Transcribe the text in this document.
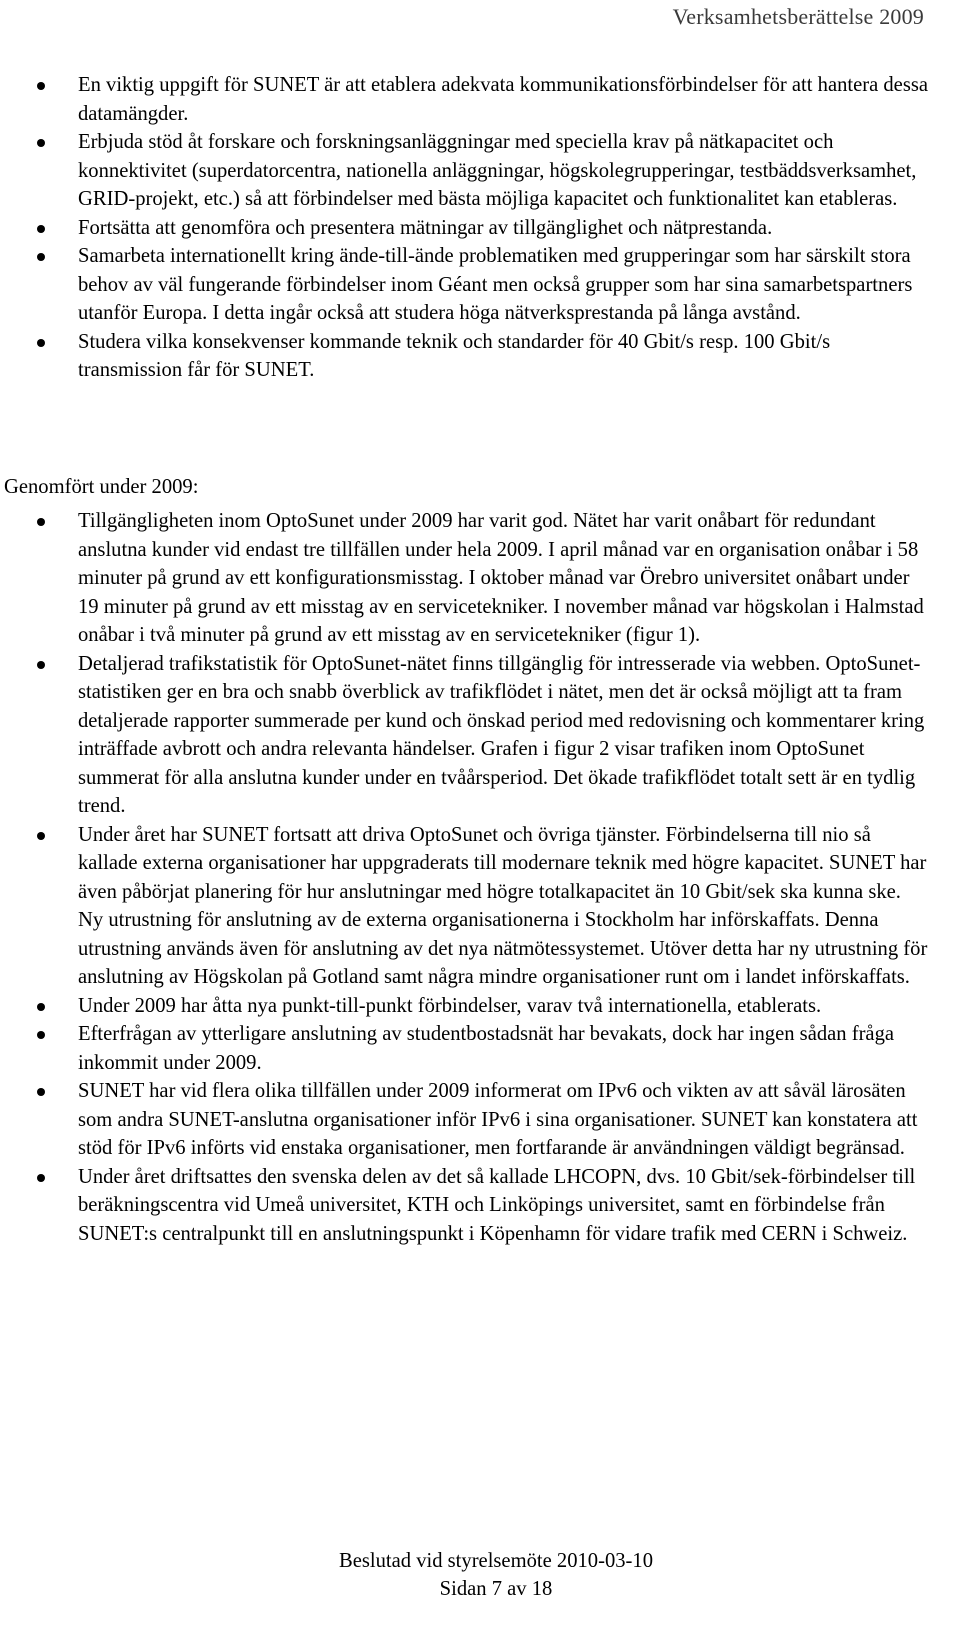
Verksamhetsberättelse 2009
En viktig uppgift för SUNET är att etablera adekvata kommunikationsförbindelser för att hantera dessa datamängder.
Erbjuda stöd åt forskare och forskningsanläggningar med speciella krav på nätkapacitet och konnektivitet (superdatorcentra, nationella anläggningar, högskolegrupperingar, testbäddsverksamhet, GRID-projekt, etc.) så att förbindelser med bästa möjliga kapacitet och funktionalitet kan etableras.
Fortsätta att genomföra och presentera mätningar av tillgänglighet och nätprestanda.
Samarbeta internationellt kring ände-till-ände problematiken med grupperingar som har särskilt stora behov av väl fungerande förbindelser inom Géant men också grupper som har sina samarbetspartners utanför Europa. I detta ingår också att studera höga nätverksprestanda på långa avstånd.
Studera vilka konsekvenser kommande teknik och standarder för 40 Gbit/s resp. 100 Gbit/s transmission får för SUNET.
Genomfört under 2009:
Tillgängligheten inom OptoSunet under 2009 har varit god. Nätet har varit onåbart för redundant anslutna kunder vid endast tre tillfällen under hela 2009. I april månad var en organisation onåbar i 58 minuter på grund av ett konfigurationsmisstag. I oktober månad var Örebro universitet onåbart under 19 minuter på grund av ett misstag av en servicetekniker. I november månad var högskolan i Halmstad onåbar i två minuter på grund av ett misstag av en servicetekniker (figur 1).
Detaljerad trafikstatistik för OptoSunet-nätet finns tillgänglig för intresserade via webben. OptoSunet-statistiken ger en bra och snabb överblick av trafikflödet i nätet, men det är också möjligt att ta fram detaljerade rapporter summerade per kund och önskad period med redovisning och kommentarer kring inträffade avbrott och andra relevanta händelser. Grafen i figur 2 visar trafiken inom OptoSunet summerat för alla anslutna kunder under en tvåårsperiod. Det ökade trafikflödet totalt sett är en tydlig trend.
Under året har SUNET fortsatt att driva OptoSunet och övriga tjänster. Förbindelserna till nio så kallade externa organisationer har uppgraderats till modernare teknik med högre kapacitet. SUNET har även påbörjat planering för hur anslutningar med högre totalkapacitet än 10 Gbit/sek ska kunna ske. Ny utrustning för anslutning av de externa organisationerna i Stockholm har införskaffats. Denna utrustning används även för anslutning av det nya nätmötessystemet. Utöver detta har ny utrustning för anslutning av Högskolan på Gotland samt några mindre organisationer runt om i landet införskaffats.
Under 2009 har åtta nya punkt-till-punkt förbindelser, varav två internationella, etablerats.
Efterfrågan av ytterligare anslutning av studentbostadsnät har bevakats, dock har ingen sådan fråga inkommit under 2009.
SUNET har vid flera olika tillfällen under 2009 informerat om IPv6 och vikten av att såväl lärosäten som andra SUNET-anslutna organisationer inför IPv6 i sina organisationer. SUNET kan konstatera att stöd för IPv6 införts vid enstaka organisationer, men fortfarande är användningen väldigt begränsad.
Under året driftsattes den svenska delen av det så kallade LHCOPN, dvs. 10 Gbit/sek-förbindelser till beräkningscentra vid Umeå universitet, KTH och Linköpings universitet, samt en förbindelse från SUNET:s centralpunkt till en anslutningspunkt i Köpenhamn för vidare trafik med CERN i Schweiz.
Beslutad vid styrelsemöte 2010-03-10
Sidan 7 av 18
